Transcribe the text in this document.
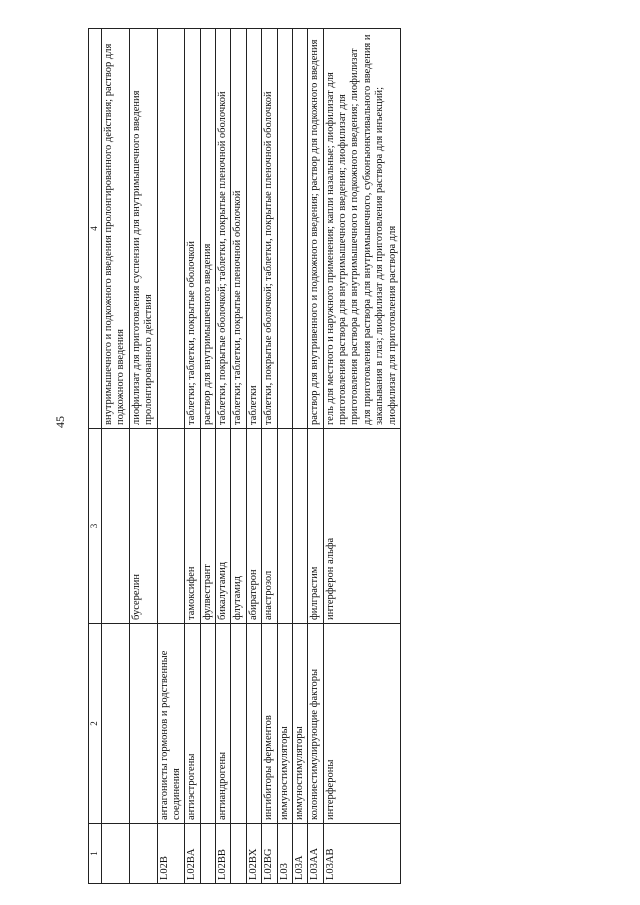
45
1	2	3	4
			внутримышечного и подкожного введения пролонгированного действия; раствор для подкожного введения
		бусерелин	лиофилизат для приготовления суспензии для внутримышечного введения пролонгированного действия
L02B	антагонисты гормонов и родственные соединения		
L02BA	антиэстрогены	тамоксифен	таблетки; таблетки, покрытые оболочкой
		фулвестрант	раствор для внутримышечного введения
L02BB	антиандрогены	бикалутамид	таблетки, покрытые оболочкой; таблетки, покрытые пленочной оболочкой
		флутамид	таблетки; таблетки, покрытые пленочной оболочкой
L02BX		абиратерон	таблетки
L02BG	ингибиторы ферментов	анастрозол	таблетки, покрытые оболочкой; таблетки, покрытые пленочной оболочкой
L03	иммуностимуляторы		
L03A	иммуностимуляторы		
L03AA	колониестимулирующие факторы	филграстим	раствор для внутривенного и подкожного введения; раствор для подкожного введения
L03AB	интерфероны	интерферон альфа	гель для местного и наружного применения; капли назальные; лиофилизат для приготовления раствора для внутримышечного введения; лиофилизат для приготовления раствора для внутримышечного и подкожного введения; лиофилизат для приготовления раствора для внутримышечного, субконъюнктивального введения и закапывания в глаз; лиофилизат для приготовления раствора для инъекций; лиофилизат для приготовления раствора для
